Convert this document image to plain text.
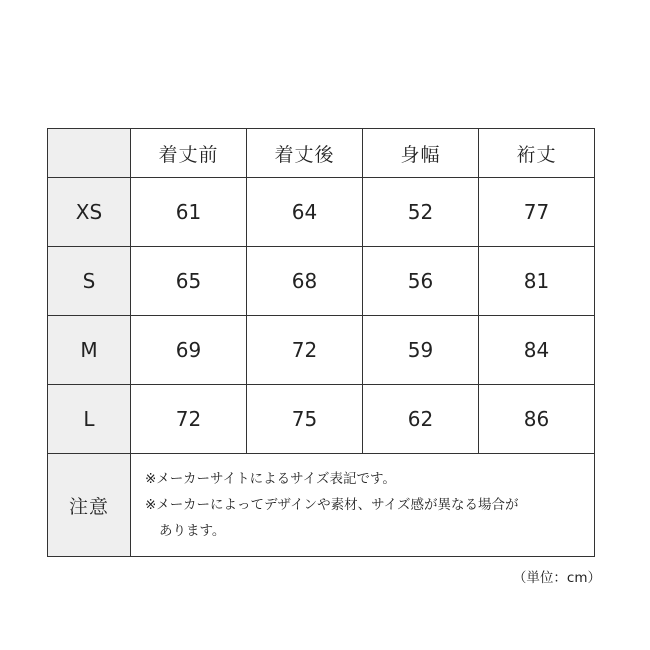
	着丈前	着丈後	身幅	裄丈
XS	61	64	52	77
S	65	68	56	81
M	69	72	59	84
L	72	75	62	86
注意	※メーカーサイトによるサイズ表記です。
※メーカーによってデザインや素材、サイズ感が異なる場合が
あります。			
（単位：cm）
